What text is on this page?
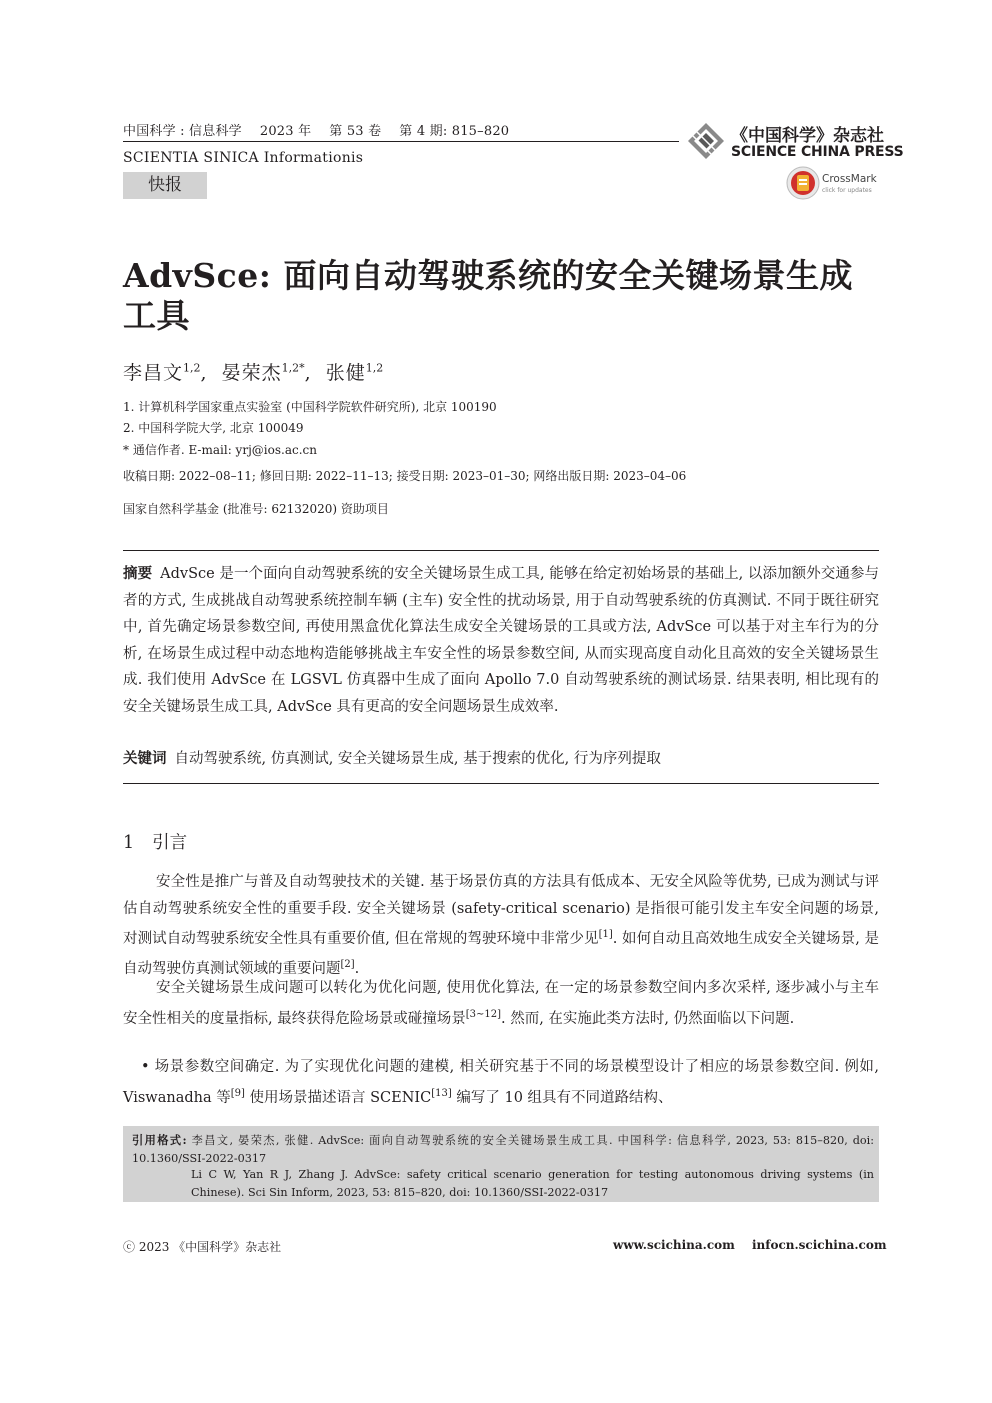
中国科学 : 信息科学 2023 年 第 53 卷 第 4 期: 815–820
SCIENTIA SINICA Informationis
快报
《中国科学》杂志社
SCIENCE CHINA PRESS
CrossMark
click for updates
AdvSce: 面向自动驾驶系统的安全关键场景生成工具
李昌文$^{1,2}$,  晏荣杰$^{1,2*}$,  张健$^{1,2}$
1. 计算机科学国家重点实验室 (中国科学院软件研究所), 北京 100190
2. 中国科学院大学, 北京 100049
* 通信作者. E-mail: yrj@ios.ac.cn
收稿日期: 2022–08–11; 修回日期: 2022–11–13; 接受日期: 2023–01–30; 网络出版日期: 2023–04–06
国家自然科学基金 (批准号: 62132020) 资助项目
摘要 AdvSce 是一个面向自动驾驶系统的安全关键场景生成工具, 能够在给定初始场景的基础上, 以添加额外交通参与者的方式, 生成挑战自动驾驶系统控制车辆 (主车) 安全性的扰动场景, 用于自动驾驶系统的仿真测试. 不同于既往研究中, 首先确定场景参数空间, 再使用黑盒优化算法生成安全关键场景的工具或方法, AdvSce 可以基于对主车行为的分析, 在场景生成过程中动态地构造能够挑战主车安全性的场景参数空间, 从而实现高度自动化且高效的安全关键场景生成. 我们使用 AdvSce 在 LGSVL 仿真器中生成了面向 Apollo 7.0 自动驾驶系统的测试场景. 结果表明, 相比现有的安全关键场景生成工具, AdvSce 具有更高的安全问题场景生成效率.
关键词 自动驾驶系统, 仿真测试, 安全关键场景生成, 基于搜索的优化, 行为序列提取
1 引言
安全性是推广与普及自动驾驶技术的关键. 基于场景仿真的方法具有低成本、无安全风险等优势, 已成为测试与评估自动驾驶系统安全性的重要手段. 安全关键场景 (safety-critical scenario) 是指很可能引发主车安全问题的场景, 对测试自动驾驶系统安全性具有重要价值, 但在常规的驾驶环境中非常少见[1]. 如何自动且高效地生成安全关键场景, 是自动驾驶仿真测试领域的重要问题[2].
安全关键场景生成问题可以转化为优化问题, 使用优化算法, 在一定的场景参数空间内多次采样, 逐步减小与主车安全性相关的度量指标, 最终获得危险场景或碰撞场景[3∼12]. 然而, 在实施此类方法时, 仍然面临以下问题.
• 场景参数空间确定. 为了实现优化问题的建模, 相关研究基于不同的场景模型设计了相应的场景参数空间. 例如, Viswanadha 等[9] 使用场景描述语言 SCENIC[13] 编写了 10 组具有不同道路结构、
引用格式: 李昌文, 晏荣杰, 张健. AdvSce: 面向自动驾驶系统的安全关键场景生成工具. 中国科学: 信息科学, 2023, 53: 815–820, doi: 10.1360/SSI-2022-0317
Li C W, Yan R J, Zhang J. AdvSce: safety critical scenario generation for testing autonomous driving systems (in Chinese). Sci Sin Inform, 2023, 53: 815–820, doi: 10.1360/SSI-2022-0317
ⓒ 2023 《中国科学》杂志社	www.scichina.com infocn.scichina.com
